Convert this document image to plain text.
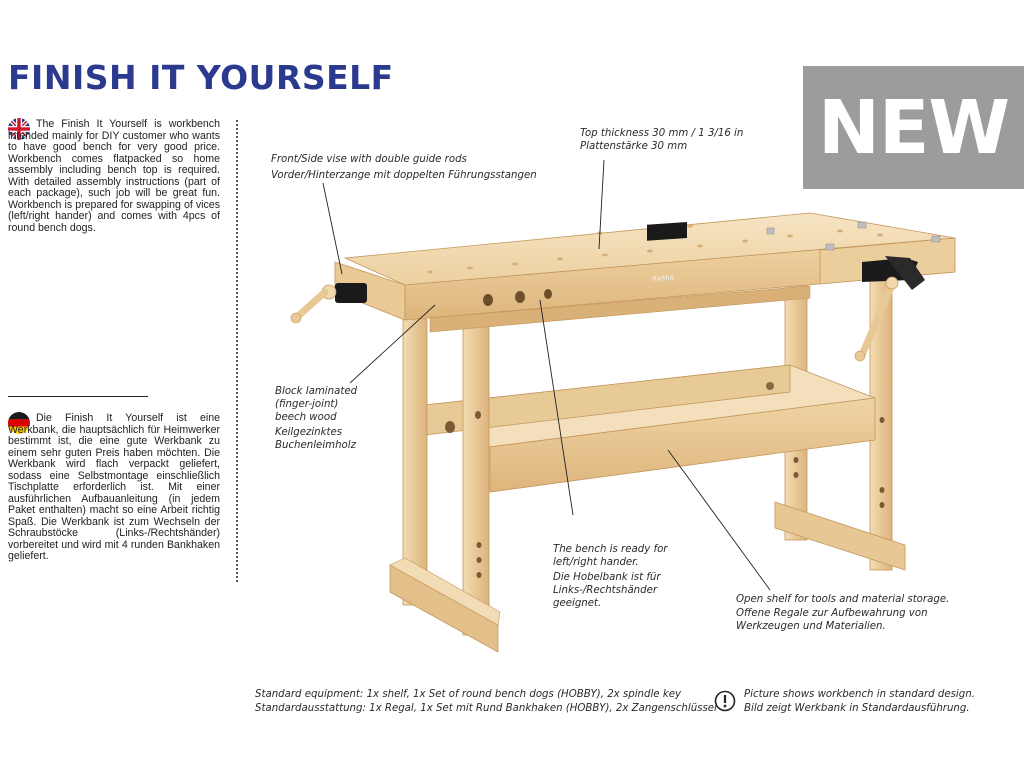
FINISH IT YOURSELF
NEW

The Finish It Yourself is workbench intended mainly for DIY customer who wants to have good bench for very good price. Workbench comes flatpacked so home assembly including bench top is required. With detailed assembly instructions (part of each package), such job will be great fun. Workbench is prepared for swapping of vices (left/right hander) and comes with 4pcs of round bench dogs.

Die Finish It Yourself ist eine Werkbank, die hauptsächlich für Heimwerker bestimmt ist, die eine gute Werkbank zu einem sehr guten Preis haben möchten. Die Werkbank wird flach verpackt geliefert, sodass eine Selbstmontage einschließlich Tischplatte erforderlich ist. Mit einer ausführlichen Aufbauanleitung (in jedem Paket enthalten) macht so eine Arbeit richtig Spaß. Die Werkbank ist zum Wechseln der Schraubstöcke (Links-/Rechtshänder) vorbereitet und wird mit 4 runden Bankhaken geliefert.

RAMIA
Top thickness 30 mm / 1 3/16 in
Plattenstärke 30 mm
Front/Side vise with double guide rods
Vorder/Hinterzange mit doppelten Führungsstangen
Block laminated
(finger-joint)
beech wood
Keilgezinktes
Buchenleimholz
The bench is ready for
left/right hander.
Die Hobelbank ist für
Links-/Rechtshänder
geeignet.	Open shelf for tools and material storage.
Offene Regale zur Aufbewahrung von
Werkzeugen und Materialien.
Standard equipment: 1x shelf, 1x Set of round bench dogs (HOBBY), 2x spindle key
Standardausstattung: 1x Regal, 1x Set mit Rund Bankhaken (HOBBY), 2x Zangenschlüssel
Picture shows workbench in standard design.
Bild zeigt Werkbank in Standardausführung.
